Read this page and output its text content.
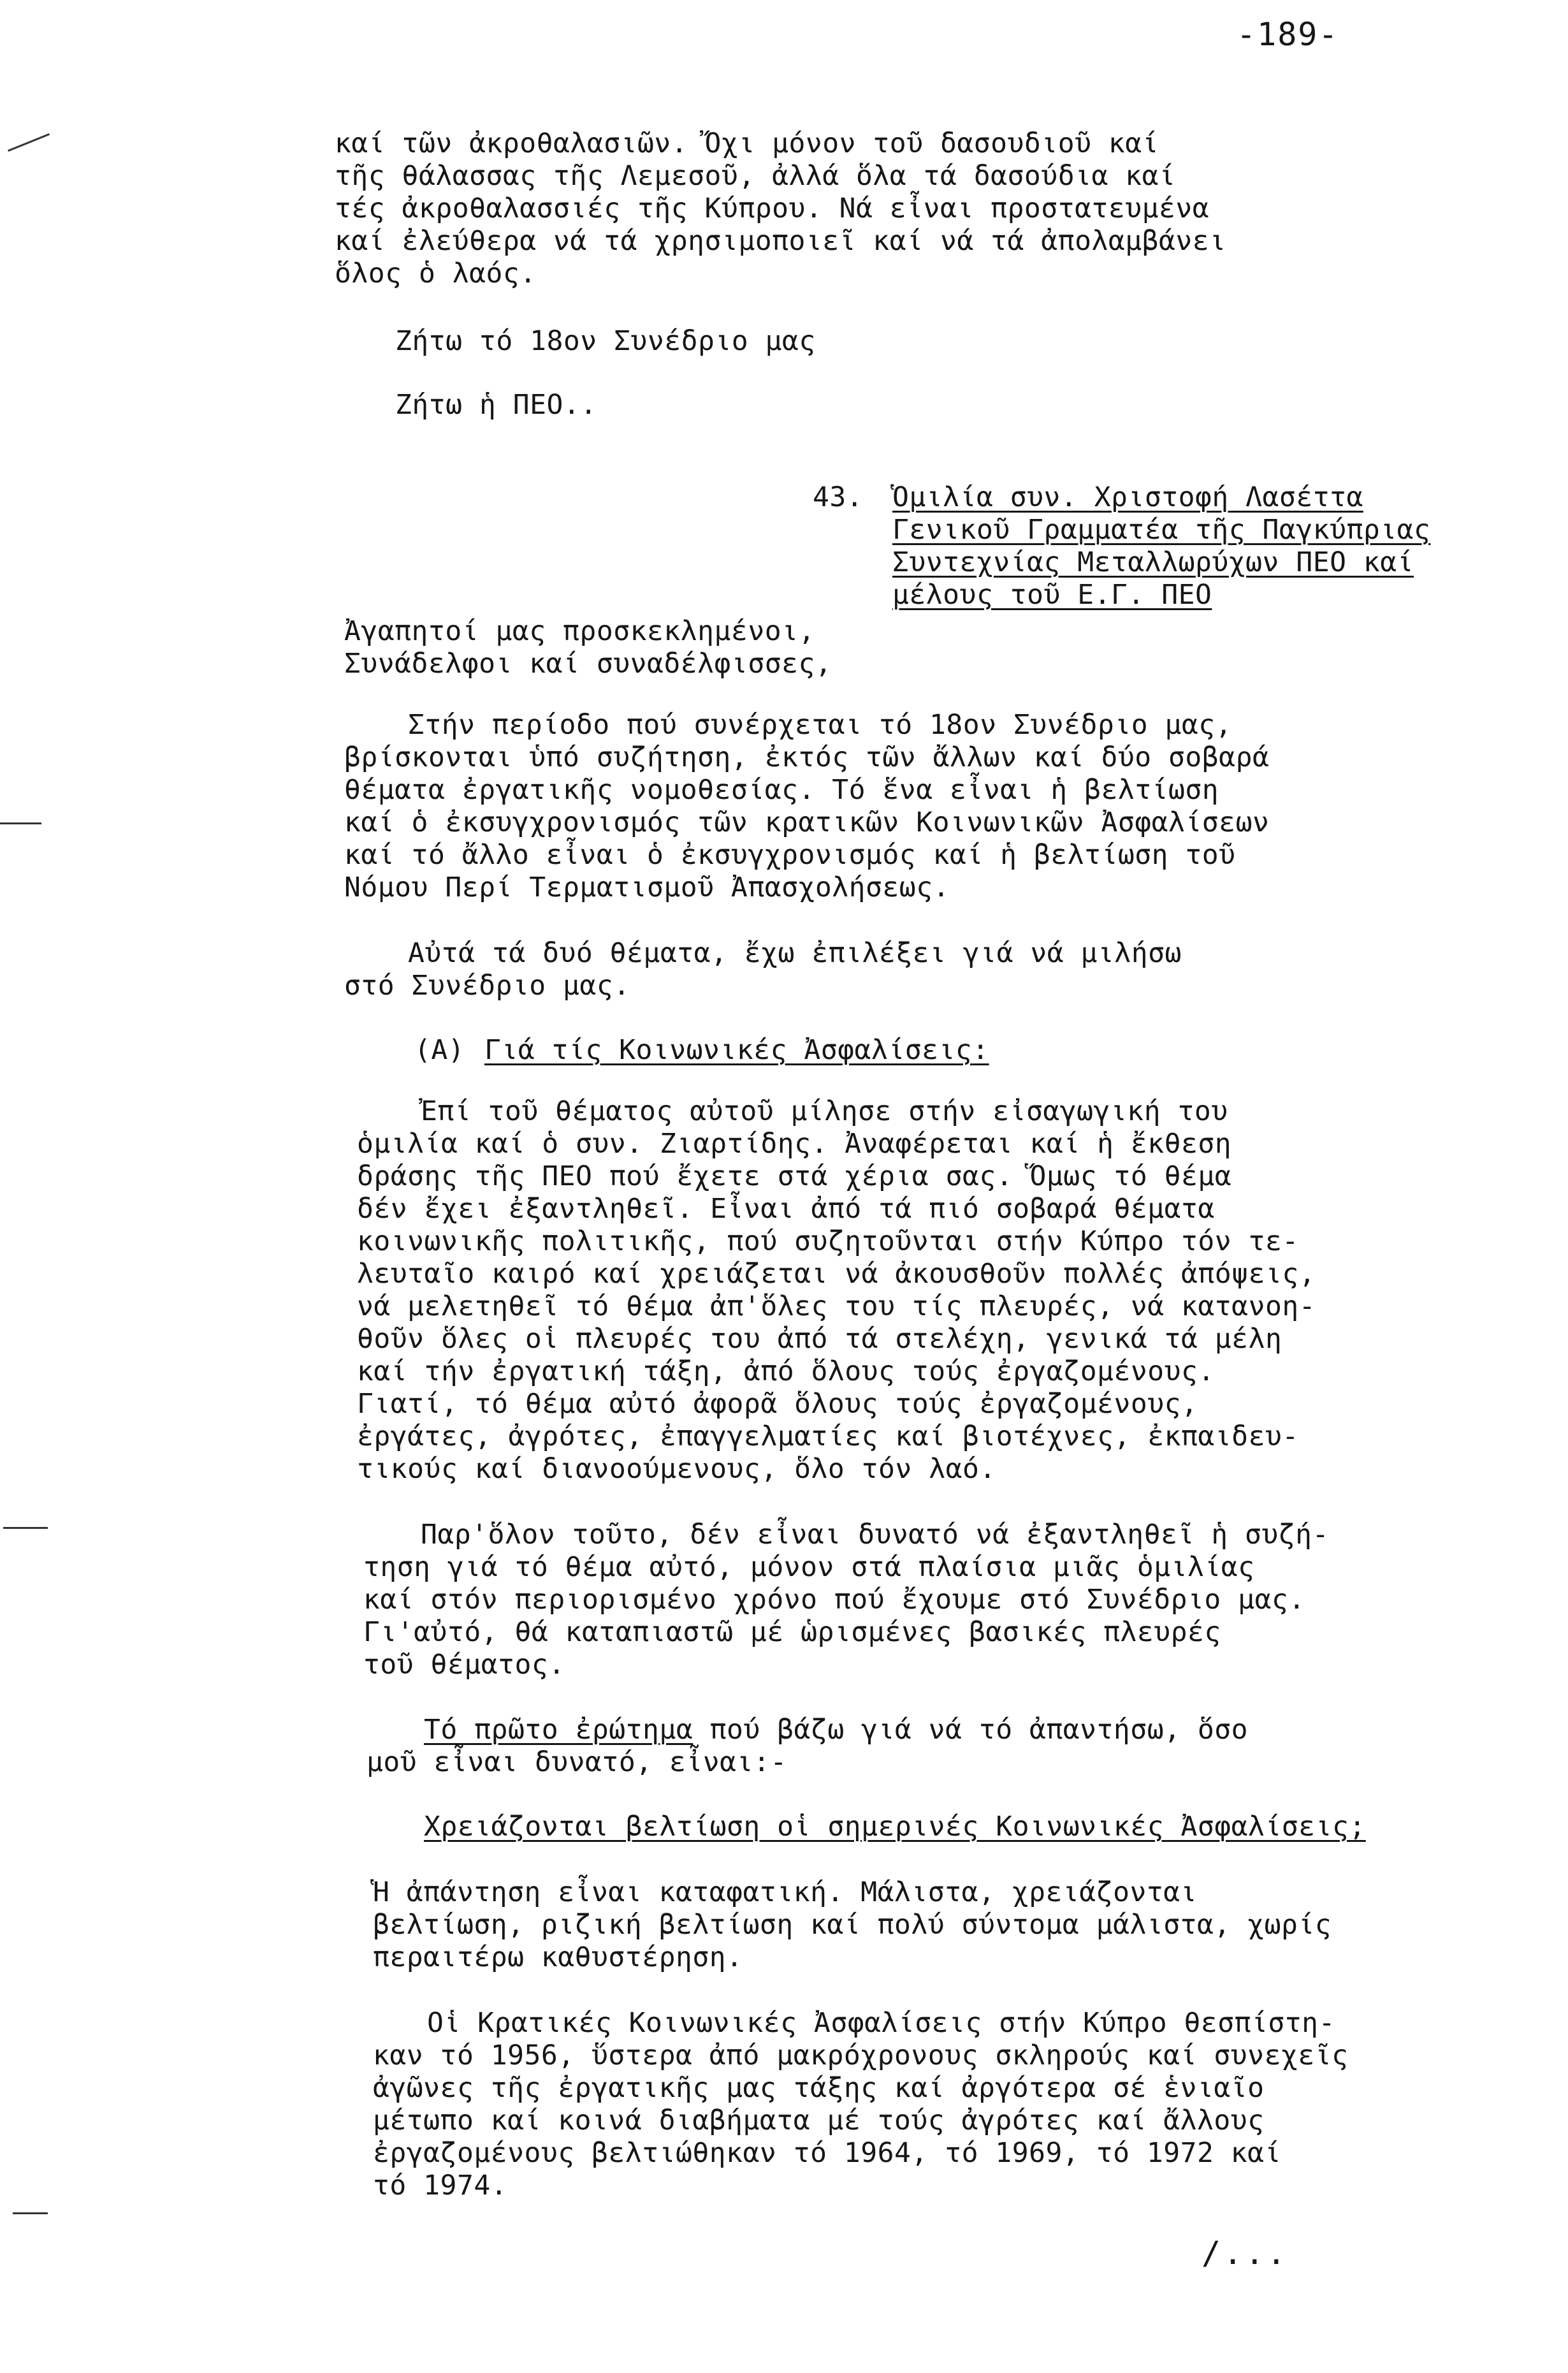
-189-
καί τῶν ἀκροθαλασιῶν. Ὄχι μόνον τοῦ δασουδιοῦ καί
τῆς θάλασσας τῆς Λεμεσοῦ, ἀλλά ὅλα τά δασούδια καί
τές ἀκροθαλασσιές τῆς Κύπρου. Νά εἶναι προστατευμένα
καί ἐλεύθερα νά τά χρησιμοποιεῖ καί νά τά ἀπολαμβάνει
ὅλος ὁ λαός.
Ζήτω τό 18ον Συνέδριο μας
Ζήτω ἡ ΠΕΟ..
43. Ὁμιλία συν. Χριστοφή Λασέττα
Γενικοῦ Γραμματέα τῆς Παγκύπριας
Συντεχνίας Μεταλλωρύχων ΠΕΟ καί
μέλους τοῦ Ε.Γ. ΠΕΟ
Ἀγαπητοί μας προσκεκλημένοι,
Συνάδελφοι καί συναδέλφισσες,
Στήν περίοδο πού συνέρχεται τό 18ον Συνέδριο μας,
βρίσκονται ὑπό συζήτηση, ἐκτός τῶν ἄλλων καί δύο σοβαρά
θέματα ἐργατικῆς νομοθεσίας. Τό ἕνα εἶναι ἡ βελτίωση
καί ὁ ἐκσυγχρονισμός τῶν κρατικῶν Κοινωνικῶν Ἀσφαλίσεων
καί τό ἄλλο εἶναι ὁ ἐκσυγχρονισμός καί ἡ βελτίωση τοῦ
Νόμου Περί Τερματισμοῦ Ἀπασχολήσεως.
Αὐτά τά δυό θέματα, ἔχω ἐπιλέξει γιά νά μιλήσω
στό Συνέδριο μας.
(Α) Γιά τίς Κοινωνικές Ἀσφαλίσεις:
Ἐπί τοῦ θέματος αὐτοῦ μίλησε στήν εἰσαγωγική του
ὁμιλία καί ὁ συν. Ζιαρτίδης. Ἀναφέρεται καί ἡ ἔκθεση
δράσης τῆς ΠΕΟ πού ἔχετε στά χέρια σας. Ὅμως τό θέμα
δέν ἔχει ἐξαντληθεῖ. Εἶναι ἀπό τά πιό σοβαρά θέματα
κοινωνικῆς πολιτικῆς, πού συζητοῦνται στήν Κύπρο τόν τε-
λευταῖο καιρό καί χρειάζεται νά ἀκουσθοῦν πολλές ἀπόψεις,
νά μελετηθεῖ τό θέμα ἀπ'ὅλες του τίς πλευρές, νά κατανοη-
θοῦν ὅλες οἱ πλευρές του ἀπό τά στελέχη, γενικά τά μέλη
καί τήν ἐργατική τάξη, ἀπό ὅλους τούς ἐργαζομένους.
Γιατί, τό θέμα αὐτό ἀφορᾶ ὅλους τούς ἐργαζομένους,
ἐργάτες, ἀγρότες, ἐπαγγελματίες καί βιοτέχνες, ἐκπαιδευ-
τικούς καί διανοούμενους, ὅλο τόν λαό.
Παρ'ὅλον τοῦτο, δέν εἶναι δυνατό νά ἐξαντληθεῖ ἡ συζή-
τηση γιά τό θέμα αὐτό, μόνον στά πλαίσια μιᾶς ὁμιλίας
καί στόν περιορισμένο χρόνο πού ἔχουμε στό Συνέδριο μας.
Γι'αὐτό, θά καταπιαστῶ μέ ὡρισμένες βασικές πλευρές
τοῦ θέματος.
Τό πρῶτο ἐρώτημα πού βάζω γιά νά τό ἀπαντήσω, ὅσο
μοῦ εἶναι δυνατό, εἶναι:-
Χρειάζονται βελτίωση οἱ σημερινές Κοινωνικές Ἀσφαλίσεις;
Ἡ ἀπάντηση εἶναι καταφατική. Μάλιστα, χρειάζονται
βελτίωση, ριζική βελτίωση καί πολύ σύντομα μάλιστα, χωρίς
περαιτέρω καθυστέρηση.
Οἱ Κρατικές Κοινωνικές Ἀσφαλίσεις στήν Κύπρο θεσπίστη-
καν τό 1956, ὕστερα ἀπό μακρόχρονους σκληρούς καί συνεχεῖς
ἀγῶνες τῆς ἐργατικῆς μας τάξης καί ἀργότερα σέ ἑνιαῖο
μέτωπο καί κοινά διαβήματα μέ τούς ἀγρότες καί ἄλλους
ἐργαζομένους βελτιώθηκαν τό 1964, τό 1969, τό 1972 καί
τό 1974.
/...
